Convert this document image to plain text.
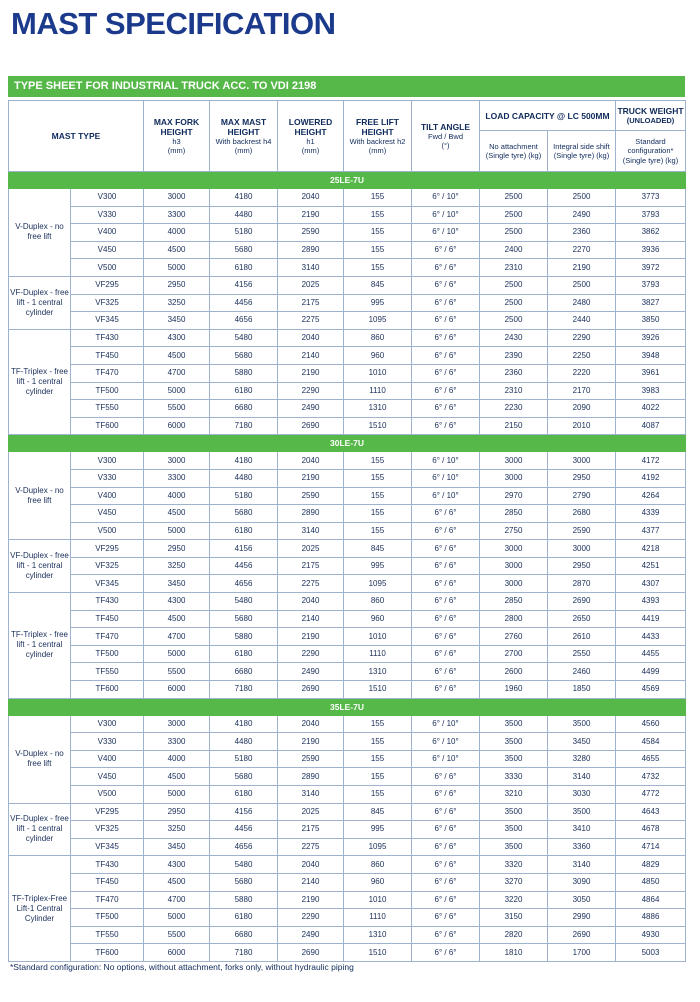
MAST SPECIFICATION
TYPE SHEET FOR INDUSTRIAL TRUCK ACC. TO VDI 2198
MAST TYPE		MAX FORK HEIGHT
h3
(mm)	MAX MAST HEIGHT
With backrest h4
(mm)	LOWERED HEIGHT
h1
(mm)	FREE LIFT HEIGHT
With backrest h2
(mm)	TILT ANGLE
Fwd / Bwd
(°)	LOAD CAPACITY @ LC 500MM		TRUCK WEIGHT
(UNLOADED)

							No attachment (Single tyre) (kg)	Integral side shift (Single tyre) (kg)	Standard configuration* (Single tyre) (kg)

25LE-7U									
V-Duplex - no free lift	V300	3000	4180	2040	155	6° / 10°	2500	2500	3773
	V330	3300	4480	2190	155	6° / 10°	2500	2490	3793
	V400	4000	5180	2590	155	6° / 10°	2500	2360	3862
	V450	4500	5680	2890	155	6° / 6°	2400	2270	3936
	V500	5000	6180	3140	155	6° / 6°	2310	2190	3972
VF-Duplex - free lift - 1 central cylinder	VF295	2950	4156	2025	845	6° / 6°	2500	2500	3793
	VF325	3250	4456	2175	995	6° / 6°	2500	2480	3827
	VF345	3450	4656	2275	1095	6° / 6°	2500	2440	3850
TF-Triplex - free lift - 1 central cylinder	TF430	4300	5480	2040	860	6° / 6°	2430	2290	3926
	TF450	4500	5680	2140	960	6° / 6°	2390	2250	3948
	TF470	4700	5880	2190	1010	6° / 6°	2360	2220	3961
	TF500	5000	6180	2290	1110	6° / 6°	2310	2170	3983
	TF550	5500	6680	2490	1310	6° / 6°	2230	2090	4022
	TF600	6000	7180	2690	1510	6° / 6°	2150	2010	4087
30LE-7U									
V-Duplex - no free lift	V300	3000	4180	2040	155	6° / 10°	3000	3000	4172
	V330	3300	4480	2190	155	6° / 10°	3000	2950	4192
	V400	4000	5180	2590	155	6° / 10°	2970	2790	4264
	V450	4500	5680	2890	155	6° / 6°	2850	2680	4339
	V500	5000	6180	3140	155	6° / 6°	2750	2590	4377
VF-Duplex - free lift - 1 central cylinder	VF295	2950	4156	2025	845	6° / 6°	3000	3000	4218
	VF325	3250	4456	2175	995	6° / 6°	3000	2950	4251
	VF345	3450	4656	2275	1095	6° / 6°	3000	2870	4307
TF-Triplex - free lift - 1 central cylinder	TF430	4300	5480	2040	860	6° / 6°	2850	2690	4393
	TF450	4500	5680	2140	960	6° / 6°	2800	2650	4419
	TF470	4700	5880	2190	1010	6° / 6°	2760	2610	4433
	TF500	5000	6180	2290	1110	6° / 6°	2700	2550	4455
	TF550	5500	6680	2490	1310	6° / 6°	2600	2460	4499
	TF600	6000	7180	2690	1510	6° / 6°	1960	1850	4569
35LE-7U									
V-Duplex - no free lift	V300	3000	4180	2040	155	6° / 10°	3500	3500	4560
	V330	3300	4480	2190	155	6° / 10°	3500	3450	4584
	V400	4000	5180	2590	155	6° / 10°	3500	3280	4655
	V450	4500	5680	2890	155	6° / 6°	3330	3140	4732
	V500	5000	6180	3140	155	6° / 6°	3210	3030	4772
VF-Duplex - free lift - 1 central cylinder	VF295	2950	4156	2025	845	6° / 6°	3500	3500	4643
	VF325	3250	4456	2175	995	6° / 6°	3500	3410	4678
	VF345	3450	4656	2275	1095	6° / 6°	3500	3360	4714
TF-Triplex-Free Lift-1 Central Cylinder	TF430	4300	5480	2040	860	6° / 6°	3320	3140	4829
	TF450	4500	5680	2140	960	6° / 6°	3270	3090	4850
	TF470	4700	5880	2190	1010	6° / 6°	3220	3050	4864
	TF500	5000	6180	2290	1110	6° / 6°	3150	2990	4886
	TF550	5500	6680	2490	1310	6° / 6°	2820	2690	4930
	TF600	6000	7180	2690	1510	6° / 6°	1810	1700	5003
*Standard configuration: No options, without attachment, forks only, without hydraulic piping
